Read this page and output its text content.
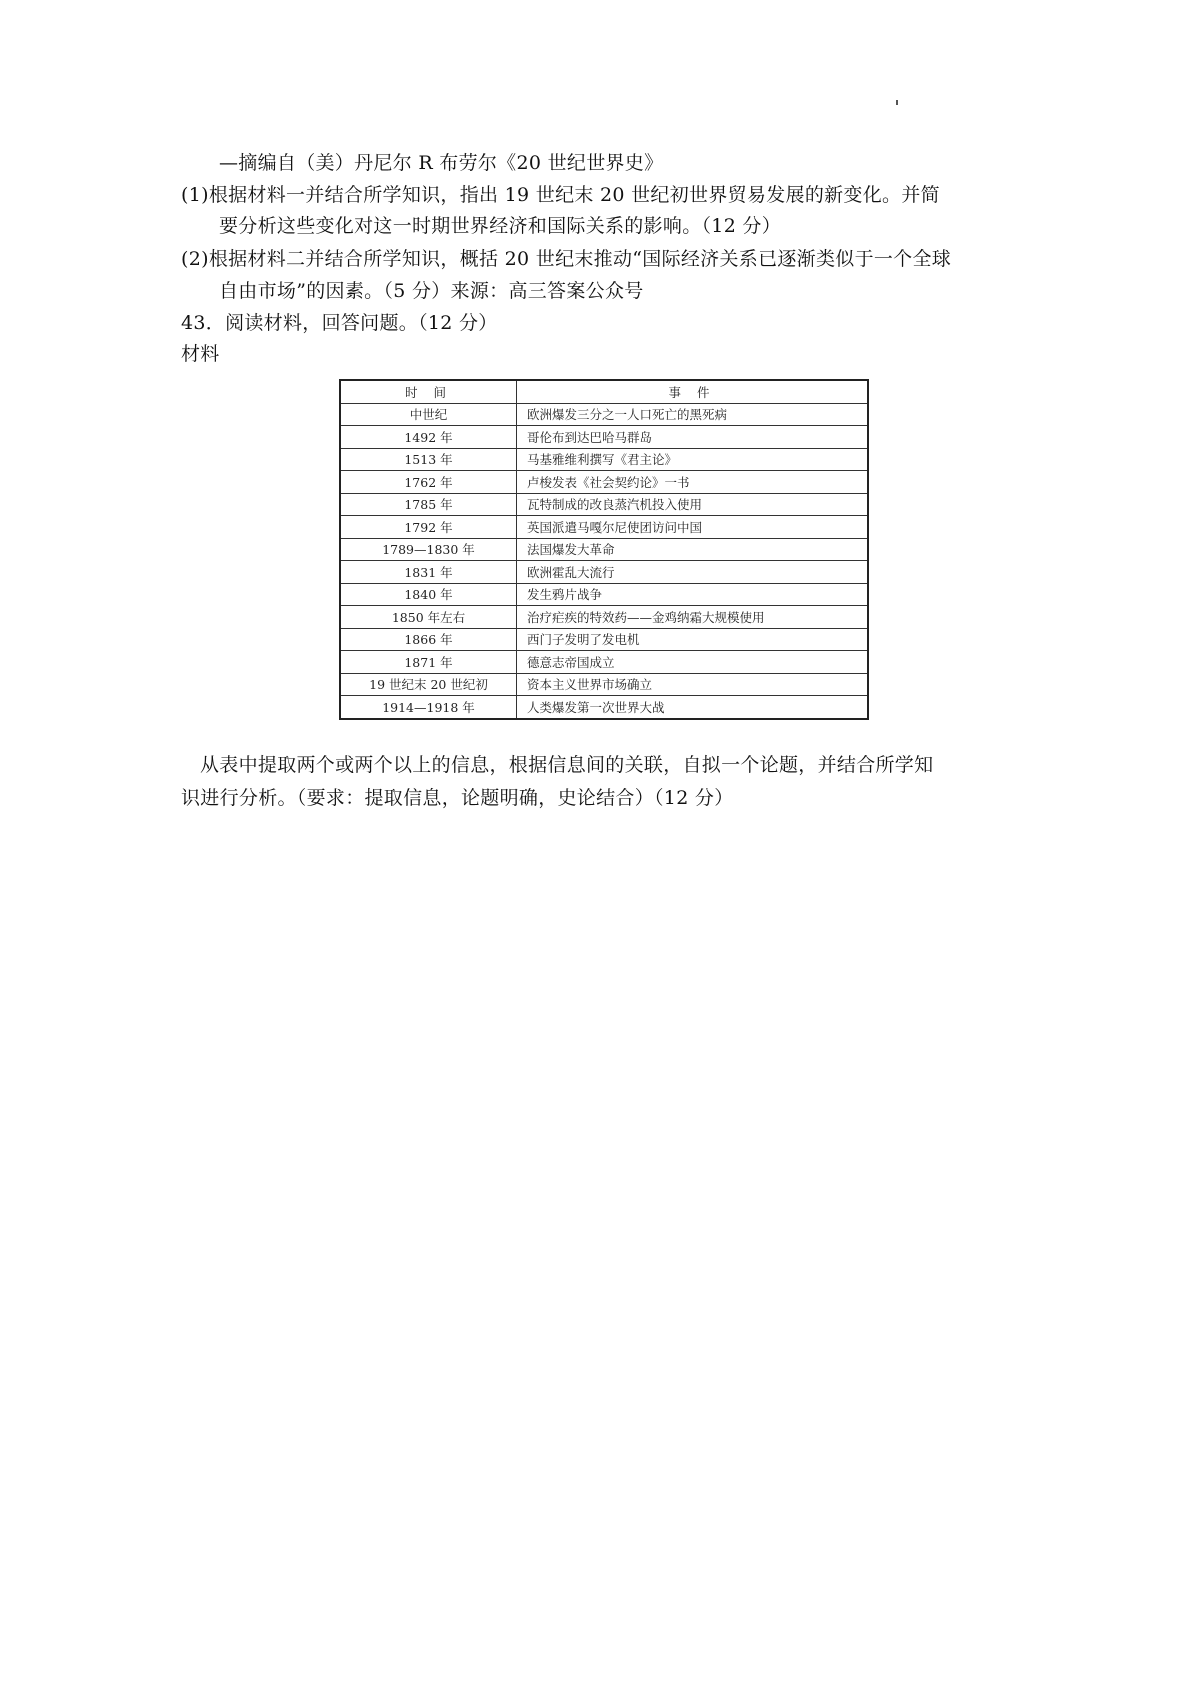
—摘编自（美）丹尼尔 R 布劳尔《20 世纪世界史》
(1)根据材料一并结合所学知识，指出 19 世纪末 20 世纪初世界贸易发展的新变化。并简
要分析这些变化对这一时期世界经济和国际关系的影响。（12 分）
(2)根据材料二并结合所学知识，概括 20 世纪末推动“国际经济关系已逐渐类似于一个全球
自由市场”的因素。（5 分）来源：高三答案公众号
43．阅读材料，回答问题。（12 分）
材料
时 间	事 件
中世纪	欧洲爆发三分之一人口死亡的黑死病
1492 年	哥伦布到达巴哈马群岛
1513 年	马基雅维利撰写《君主论》
1762 年	卢梭发表《社会契约论》一书
1785 年	瓦特制成的改良蒸汽机投入使用
1792 年	英国派遣马嘎尔尼使团访问中国
1789—1830 年	法国爆发大革命
1831 年	欧洲霍乱大流行
1840 年	发生鸦片战争
1850 年左右	治疗疟疾的特效药——金鸡纳霜大规模使用
1866 年	西门子发明了发电机
1871 年	德意志帝国成立
19 世纪末 20 世纪初	资本主义世界市场确立
1914—1918 年	人类爆发第一次世界大战
从表中提取两个或两个以上的信息，根据信息间的关联，自拟一个论题，并结合所学知
识进行分析。（要求：提取信息，论题明确，史论结合）（12 分）
